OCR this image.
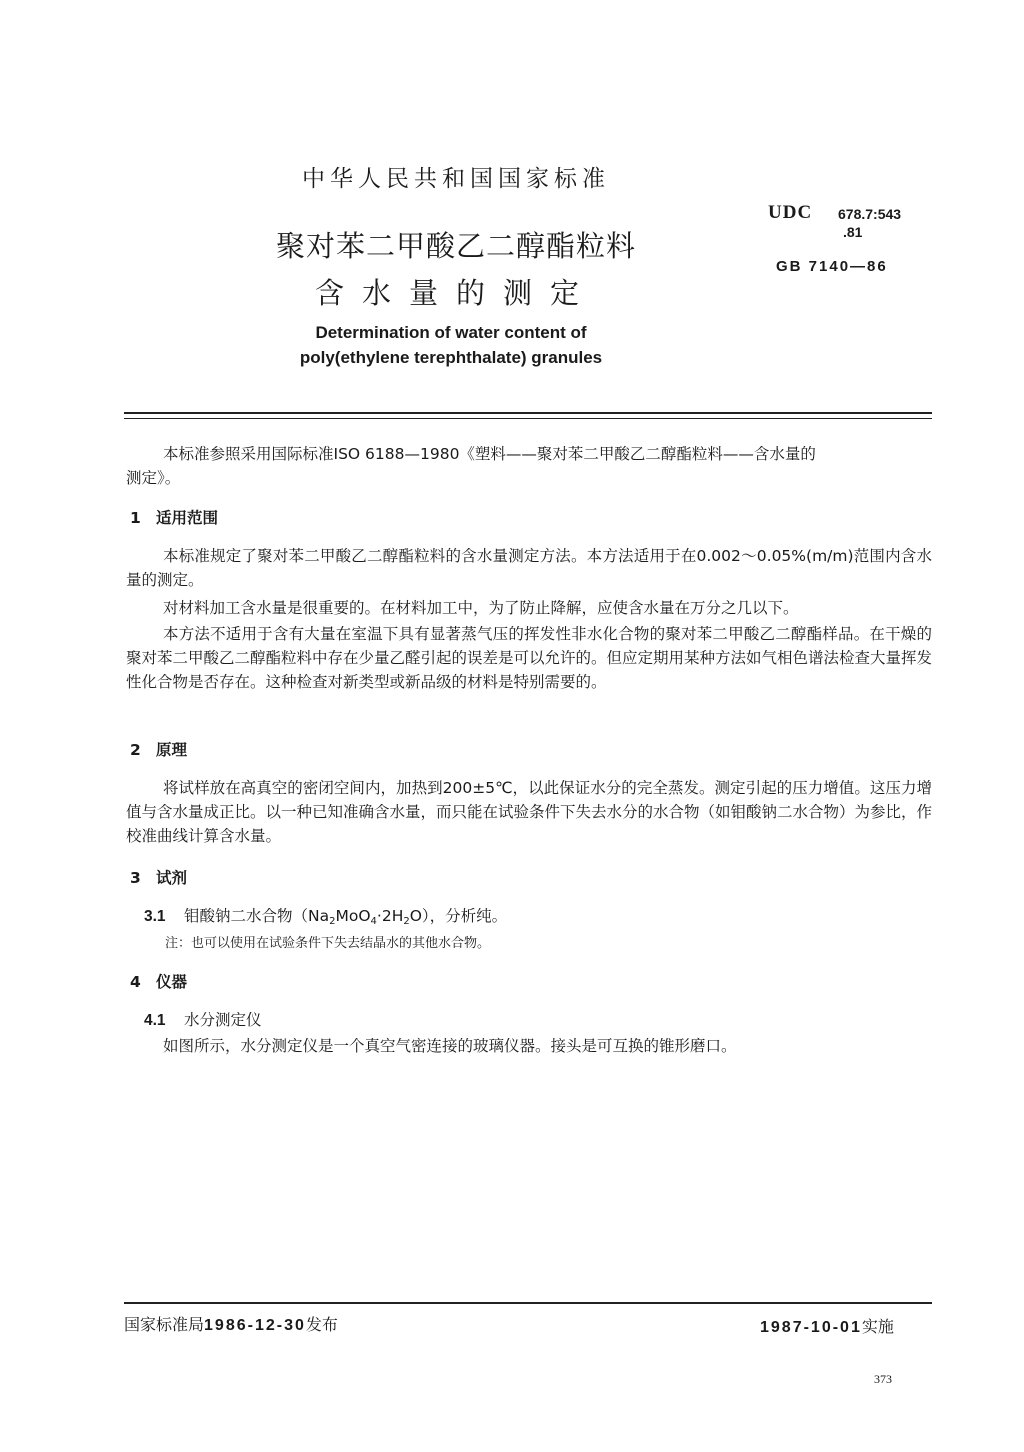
中华人民共和国国家标准
聚对苯二甲酸乙二醇酯粒料
含水量的测定
Determination of water content of
poly(ethylene terephthalate) granules
UDC 678.7:543
.81
GB 7140—86
本标准参照采用国际标准ISO 6188—1980《塑料——聚对苯二甲酸乙二醇酯粒料——含水量的
测定》。
1 适用范围
本标准规定了聚对苯二甲酸乙二醇酯粒料的含水量测定方法。本方法适用于在0.002～0.05%(m/m)范围内含水量的测定。
对材料加工含水量是很重要的。在材料加工中，为了防止降解，应使含水量在万分之几以下。
本方法不适用于含有大量在室温下具有显著蒸气压的挥发性非水化合物的聚对苯二甲酸乙二醇酯样品。在干燥的聚对苯二甲酸乙二醇酯粒料中存在少量乙醛引起的误差是可以允许的。但应定期用某种方法如气相色谱法检查大量挥发性化合物是否存在。这种检查对新类型或新品级的材料是特别需要的。
2 原理
将试样放在高真空的密闭空间内，加热到200±5℃，以此保证水分的完全蒸发。测定引起的压力增值。这压力增值与含水量成正比。以一种已知准确含水量，而只能在试验条件下失去水分的水合物（如钼酸钠二水合物）为参比，作校准曲线计算含水量。
3 试剂
3.1 钼酸钠二水合物$(Na_2MoO_4\cdot 2H_2O)$，分析纯。
注：也可以使用在试验条件下失去结晶水的其他水合物。
4 仪器
4.1 水分测定仪
如图所示，水分测定仪是一个真空气密连接的玻璃仪器。接头是可互换的锥形磨口。
国家标准局1986-12-30发布	1987-10-01实施
373
